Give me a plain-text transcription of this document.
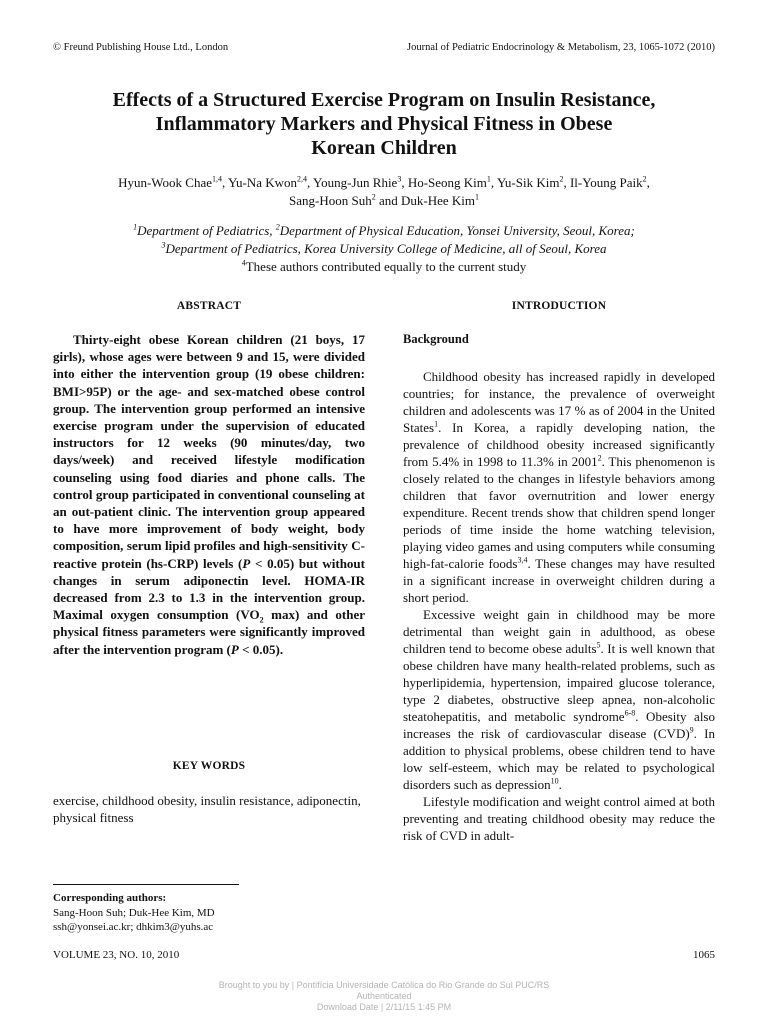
© Freund Publishing House Ltd., London	Journal of Pediatric Endocrinology & Metabolism, 23, 1065-1072 (2010)
Effects of a Structured Exercise Program on Insulin Resistance,
Inflammatory Markers and Physical Fitness in Obese
Korean Children
Hyun-Wook Chae$^{1,4}$, Yu-Na Kwon$^{2,4}$, Young-Jun Rhie$^3$, Ho-Seong Kim$^1$, Yu-Sik Kim$^2$, Il-Young Paik$^2$,
Sang-Hoon Suh$^2$ and Duk-Hee Kim$^1$
$^1$Department of Pediatrics, $^2$Department of Physical Education, Yonsei University, Seoul, Korea;
$^3$Department of Pediatrics, Korea University College of Medicine, all of Seoul, Korea
$^4$These authors contributed equally to the current study
ABSTRACT
Thirty-eight obese Korean children (21 boys, 17 girls), whose ages were between 9 and 15, were divided into either the intervention group (19 obese children: BMI>95P) or the age- and sex-matched obese control group. The intervention group performed an intensive exercise program under the supervision of educated instructors for 12 weeks (90 minutes/day, two days/week) and received lifestyle modification counseling using food diaries and phone calls. The control group participated in conventional counseling at an out-patient clinic. The intervention group appeared to have more improvement of body weight, body composition, serum lipid profiles and high-sensitivity C-reactive protein (hs-CRP) levels (P < 0.05) but without changes in serum adiponectin level. HOMA-IR decreased from 2.3 to 1.3 in the intervention group. Maximal oxygen consumption ($VO_2$ max) and other physical fitness parameters were significantly improved after the intervention program (P < 0.05).
KEY WORDS
exercise, childhood obesity, insulin resistance, adiponectin, physical fitness
Corresponding authors:
Sang-Hoon Suh; Duk-Hee Kim, MD
ssh@yonsei.ac.kr; dhkim3@yuhs.ac
INTRODUCTION
Background

Childhood obesity has increased rapidly in developed countries; for instance, the prevalence of overweight children and adolescents was 17 % as of 2004 in the United States$^1$. In Korea, a rapidly developing nation, the prevalence of childhood obesity increased significantly from 5.4% in 1998 to 11.3% in 2001$^2$. This phenomenon is closely related to the changes in lifestyle behaviors among children that favor overnutrition and lower energy expenditure. Recent trends show that children spend longer periods of time inside the home watching television, playing video games and using computers while consuming high-fat-calorie foods$^{3,4}$. These changes may have resulted in a significant increase in overweight children during a short period.

Excessive weight gain in childhood may be more detrimental than weight gain in adulthood, as obese children tend to become obese adults$^5$. It is well known that obese children have many health-related problems, such as hyperlipidemia, hypertension, impaired glucose tolerance, type 2 diabetes, obstructive sleep apnea, non-alcoholic steatohepatitis, and metabolic syndrome$^{6-8}$. Obesity also increases the risk of cardiovascular disease (CVD)$^9$. In addition to physical problems, obese children tend to have low self-esteem, which may be related to psychological disorders such as depression$^{10}$.

Lifestyle modification and weight control aimed at both preventing and treating childhood obesity may reduce the risk of CVD in adult-

VOLUME 23, NO. 10, 2010	1065
Brought to you by | Pontifícia Universidade Católica do Rio Grande do Sul PUC/RS
Authenticated
Download Date | 2/11/15 1:45 PM
